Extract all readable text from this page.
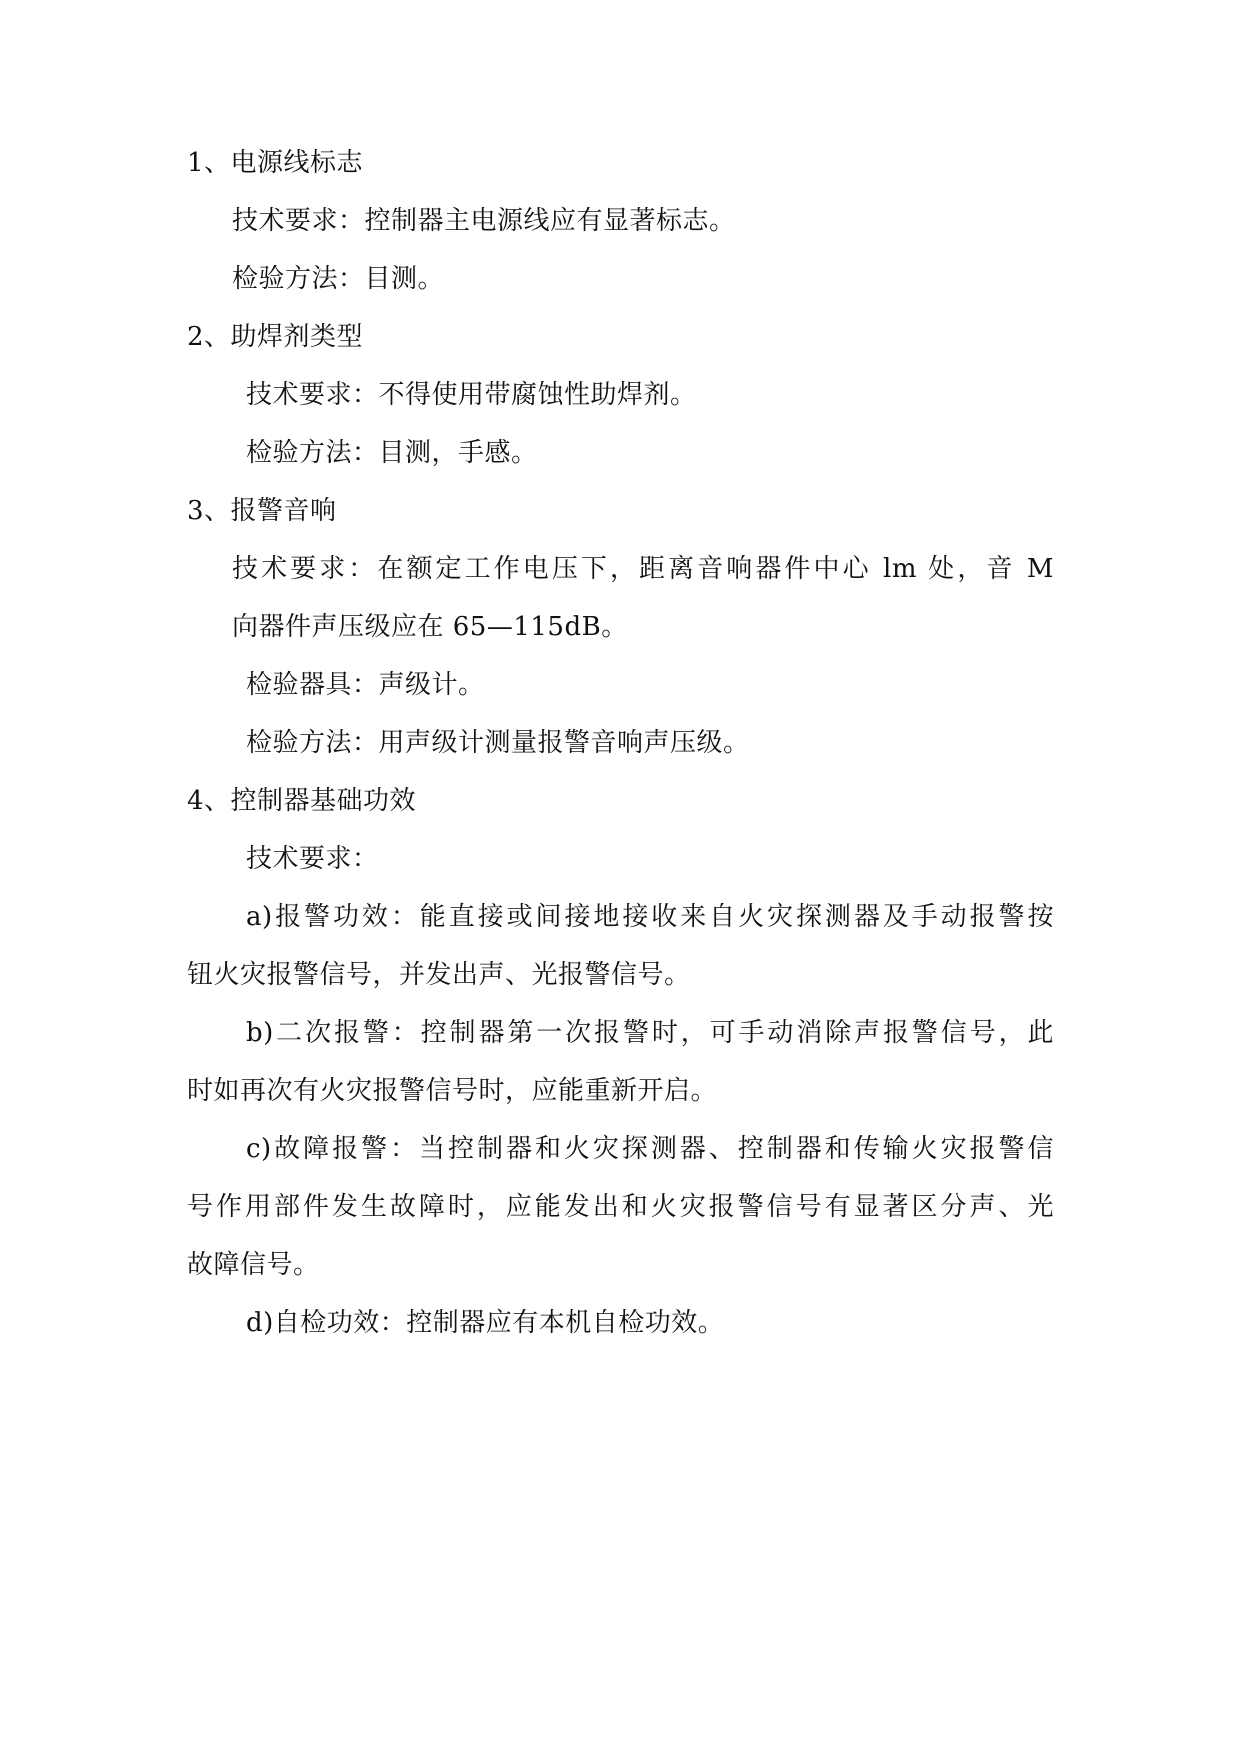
1、电源线标志
技术要求：控制器主电源线应有显著标志。
检验方法：目测。
2、助焊剂类型
技术要求：不得使用带腐蚀性助焊剂。
检验方法：目测，手感。
3、报警音响
技术要求：在额定工作电压下，距离音响器件中心 lm 处，音 M
向器件声压级应在 65—115dB。
检验器具：声级计。
检验方法：用声级计测量报警音响声压级。
4、控制器基础功效
技术要求：
a)报警功效：能直接或间接地接收来自火灾探测器及手动报警按
钮火灾报警信号，并发出声、光报警信号。
b)二次报警：控制器第一次报警时，可手动消除声报警信号，此
时如再次有火灾报警信号时，应能重新开启。
c)故障报警：当控制器和火灾探测器、控制器和传输火灾报警信
号作用部件发生故障时，应能发出和火灾报警信号有显著区分声、光
故障信号。
d)自检功效：控制器应有本机自检功效。
